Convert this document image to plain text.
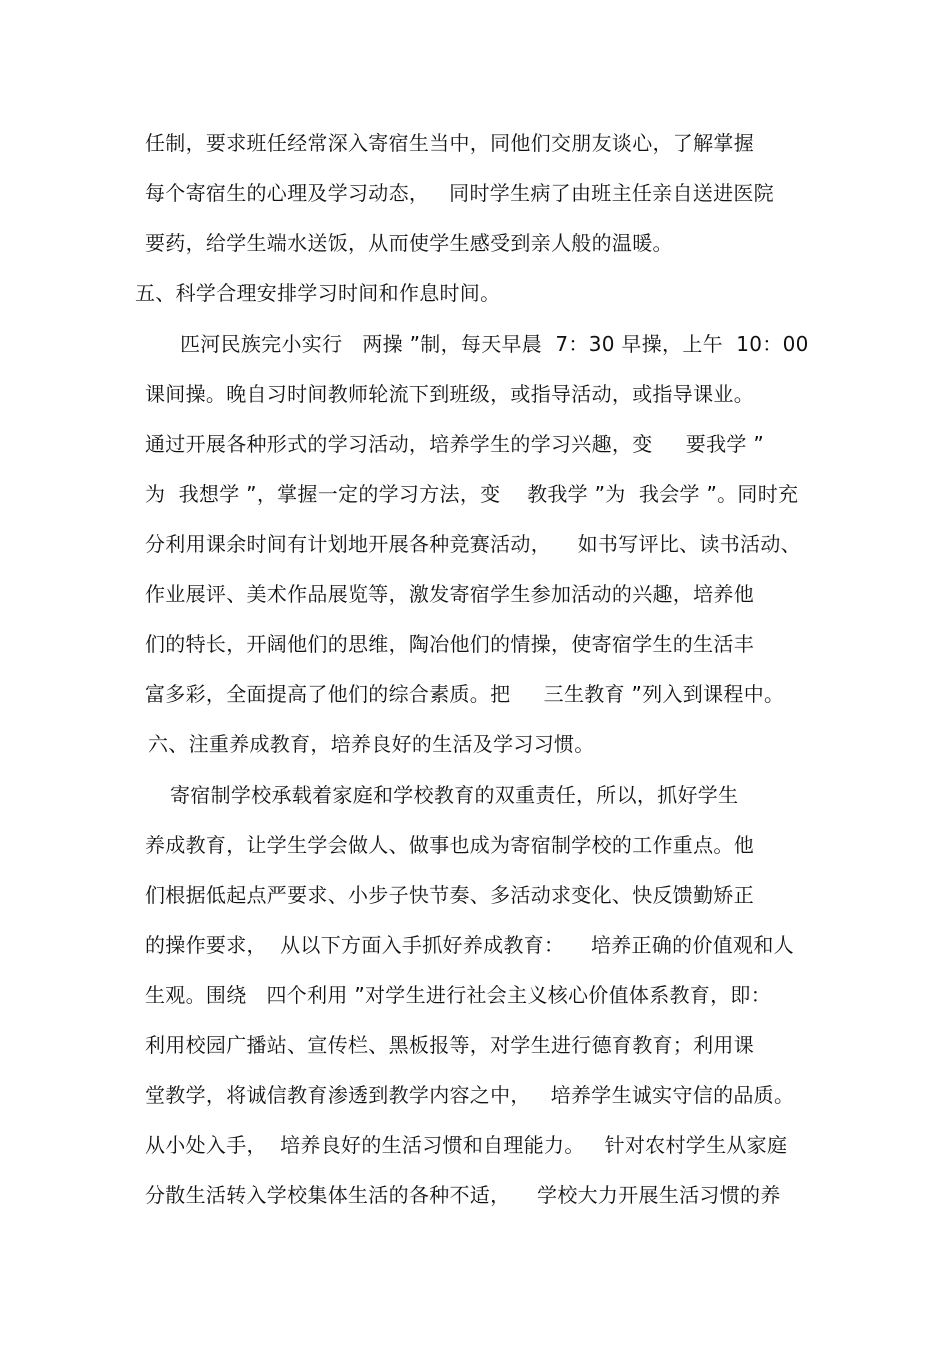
任制，要求班任经常深入寄宿生当中，同他们交朋友谈心，了解掌握
每个寄宿生的心理及学习动态，   同时学生病了由班主任亲自送进医院
要药，给学生端水送饭，从而使学生感受到亲人般的温暖。
五、科学合理安排学习时间和作息时间。
匹河民族完小实行   两操 ”制，每天早晨  7：30 早操，上午  10：00
课间操。晚自习时间教师轮流下到班级，或指导活动，或指导课业。
通过开展各种形式的学习活动，培养学生的学习兴趣，变     要我学 ”
为  我想学 ”，掌握一定的学习方法，变    教我学 ”为  我会学 ”。同时充
分利用课余时间有计划地开展各种竞赛活动，    如书写评比、读书活动、
作业展评、美术作品展览等，激发寄宿学生参加活动的兴趣，培养他
们的特长，开阔他们的思维，陶冶他们的情操，使寄宿学生的生活丰
富多彩，全面提高了他们的综合素质。把     三生教育 ”列入到课程中。
六、注重养成教育，培养良好的生活及学习习惯。
寄宿制学校承载着家庭和学校教育的双重责任，所以，抓好学生
养成教育，让学生学会做人、做事也成为寄宿制学校的工作重点。他
们根据低起点严要求、小步子快节奏、多活动求变化、快反馈勤矫正
的操作要求，  从以下方面入手抓好养成教育：    培养正确的价值观和人
生观。围绕   四个利用 ”对学生进行社会主义核心价值体系教育，即：
利用校园广播站、宣传栏、黑板报等，对学生进行德育教育；利用课
堂教学，将诚信教育渗透到教学内容之中，   培养学生诚实守信的品质。
从小处入手，  培养良好的生活习惯和自理能力。   针对农村学生从家庭
分散生活转入学校集体生活的各种不适，    学校大力开展生活习惯的养
